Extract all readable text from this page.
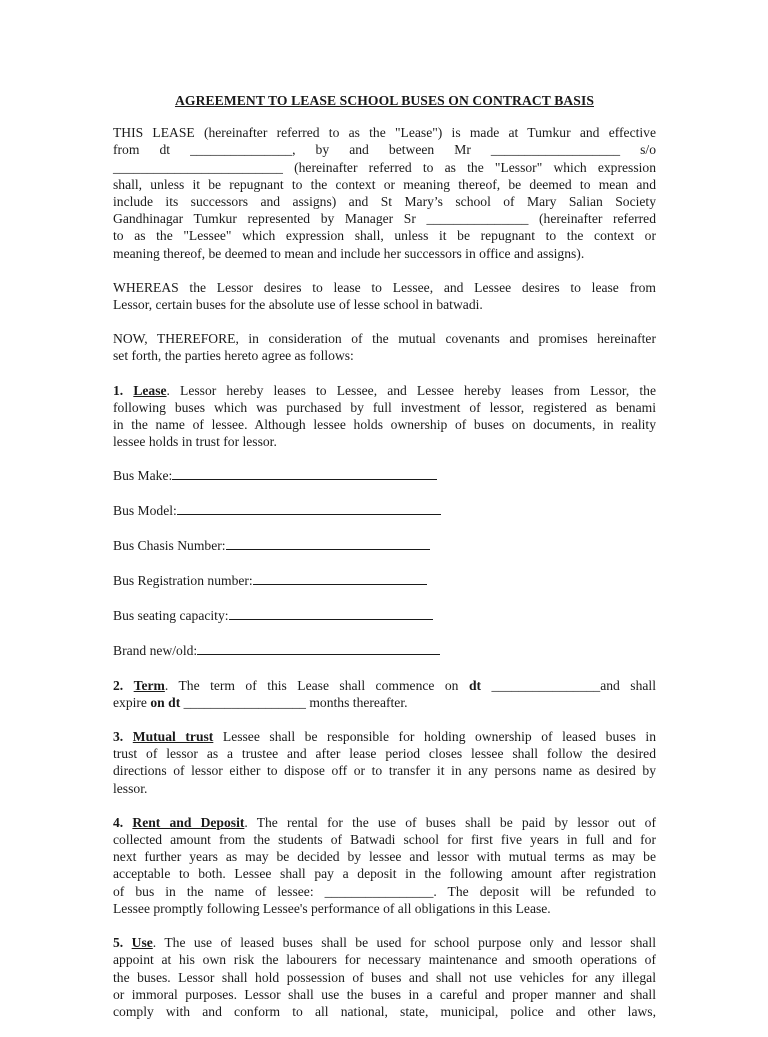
AGREEMENT TO LEASE SCHOOL BUSES ON CONTRACT BASIS
THIS LEASE (hereinafter referred to as the "Lease") is made at Tumkur and effective
from dt _______________, by and between Mr ___________________ s/o
_________________________ (hereinafter referred to as the "Lessor" which expression
shall, unless it be repugnant to the context or meaning thereof, be deemed to mean and
include its successors and assigns) and St Mary’s school of Mary Salian Society
Gandhinagar Tumkur represented by Manager Sr _______________ (hereinafter referred
to as the "Lessee" which expression shall, unless it be repugnant to the context or
meaning thereof, be deemed to mean and include her successors in office and assigns).
WHEREAS the Lessor desires to lease to Lessee, and Lessee desires to lease from
Lessor, certain buses for the absolute use of lesse school in batwadi.
NOW, THEREFORE, in consideration of the mutual covenants and promises hereinafter
set forth, the parties hereto agree as follows:
1. Lease. Lessor hereby leases to Lessee, and Lessee hereby leases from Lessor, the
following buses which was purchased by full investment of lessor, registered as benami
in the name of lessee. Although lessee holds ownership of buses on documents, in reality
lessee holds in trust for lessor.
Bus Make:
Bus Model:
Bus Chasis Number:
Bus Registration number:
Bus seating capacity:
Brand new/old:
2. Term. The term of this Lease shall commence on dt ________________and shall
expire on dt __________________ months thereafter.
3. Mutual trust Lessee shall be responsible for holding ownership of leased buses in
trust of lessor as a trustee and after lease period closes lessee shall follow the desired
directions of lessor either to dispose off or to transfer it in any persons name as desired by
lessor.
4. Rent and Deposit. The rental for the use of buses shall be paid by lessor out of
collected amount from the students of Batwadi school for first five years in full and for
next further years as may be decided by lessee and lessor with mutual terms as may be
acceptable to both. Lessee shall pay a deposit in the following amount after registration
of bus in the name of lessee: ________________. The deposit will be refunded to
Lessee promptly following Lessee's performance of all obligations in this Lease.
5. Use. The use of leased buses shall be used for school purpose only and lessor shall
appoint at his own risk the labourers for necessary maintenance and smooth operations of
the buses. Lessor shall hold possession of buses and shall not use vehicles for any illegal
or immoral purposes. Lessor shall use the buses in a careful and proper manner and shall
comply with and conform to all national, state, municipal, police and other laws,
